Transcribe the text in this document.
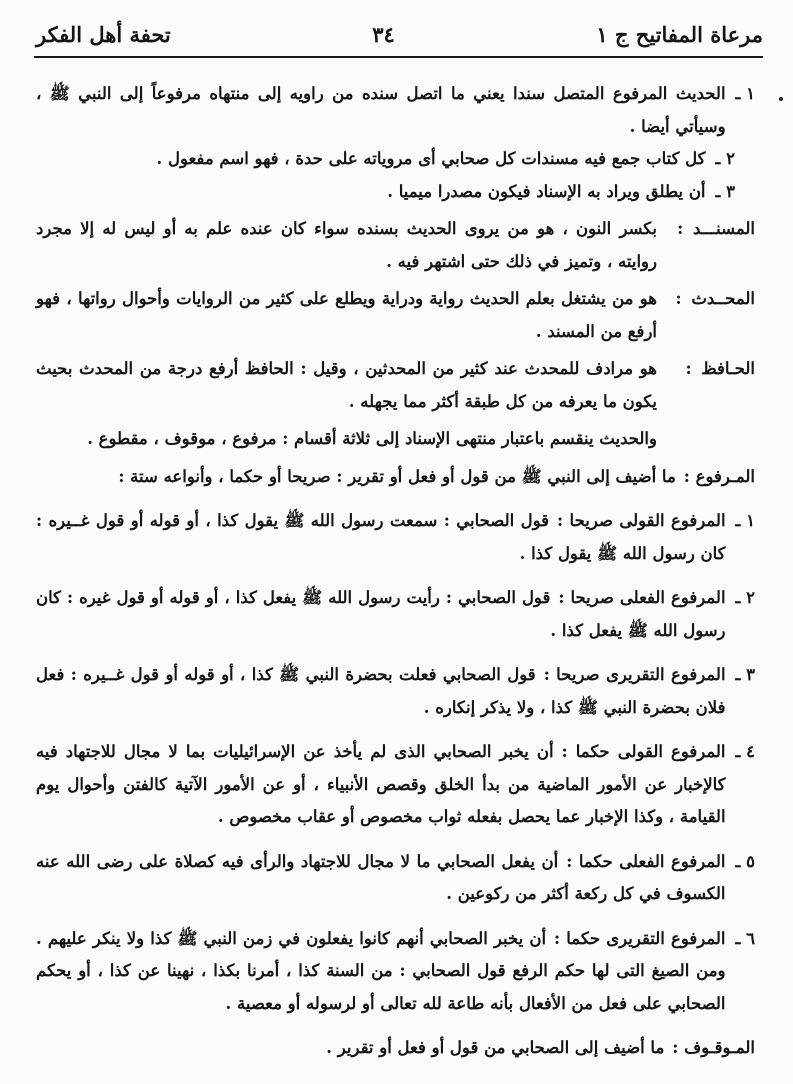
مرعاة المفاتيح ج ١
٣٤
تحفة أهل الفكر
١ ـ
الحديث المرفوع المتصل سندا يعني ما اتصل سنده من راويه إلى منتهاه مرفوعاً إلى النبي ﷺ ، وسيأتي أيضا .
٢ ـ
كل كتاب جمع فيه مسندات كل صحابي أى مروياته على حدة ، فهو اسم مفعول .
٣ ـ
أن يطلق ويراد به الإسناد فيكون مصدرا ميميا .
المسنـــد :
بكسر النون ، هو من يروى الحديث بسنده سواء كان عنده علم به أو ليس له إلا مجرد روايته ، وتميز في ذلك حتى اشتهر فيه .
المحــدث :
هو من يشتغل بعلم الحديث رواية ودراية ويطلع على كثير من الروايات وأحوال رواتها ، فهو أرفع من المسند .
الحـافظ :
هو مرادف للمحدث عند كثير من المحدثين ، وقيل : الحافظ أرفع درجة من المحدث بحيث يكون ما يعرفه من كل طبقة أكثر مما يجهله .
والحديث ينقسم باعتبار منتهى الإسناد إلى ثلاثة أقسام : مرفوع ، موقوف ، مقطوع .
المـرفوع :
ما أضيف إلى النبي ﷺ من قول أو فعل أو تقرير : صريحا أو حكما ، وأنواعه ستة :
١ ـ
المرفوع القولى صريحا :قول الصحابي : سمعت رسول الله ﷺ يقول كذا ، أو قوله أو قول غــيره : كان رسول الله ﷺ يقول كذا .
٢ ـ
المرفوع الفعلى صريحا :قول الصحابي : رأيت رسول الله ﷺ يفعل كذا ، أو قوله أو قول غيره : كان رسول الله ﷺ يفعل كذا .
٣ ـ
المرفوع التقريرى صريحا :قول الصحابي فعلت بحضرة النبي ﷺ كذا ، أو قوله أو قول غــيره : فعل فلان بحضرة النبي ﷺ كذا ، ولا يذكر إنكاره .
٤ ـ
المرفوع القولى حكما :أن يخبر الصحابي الذى لم يأخذ عن الإسرائيليات بما لا مجال للاجتهاد فيه كالإخبار عن الأمور الماضية من بدأ الخلق وقصص الأنبياء ، أو عن الأمور الآتية كالفتن وأحوال يوم القيامة ، وكذا الإخبار عما يحصل بفعله ثواب مخصوص أو عقاب مخصوص .
٥ ـ
المرفوع الفعلى حكما :أن يفعل الصحابي ما لا مجال للاجتهاد والرأى فيه كصلاة على رضى الله عنه الكسوف في كل ركعة أكثر من ركوعين .
٦ ـ
المرفوع التقريرى حكما :أن يخبر الصحابي أنهم كانوا يفعلون في زمن النبي ﷺ كذا ولا ينكر عليهم . ومن الصيغ التى لها حكم الرفع قول الصحابي : من السنة كذا ، أمرنا بكذا ، نهينا عن كذا ، أو يحكم الصحابي على فعل من الأفعال بأنه طاعة لله تعالى أو لرسوله أو معصية .
المـوقـوف :
ما أضيف إلى الصحابي من قول أو فعل أو تقرير .
